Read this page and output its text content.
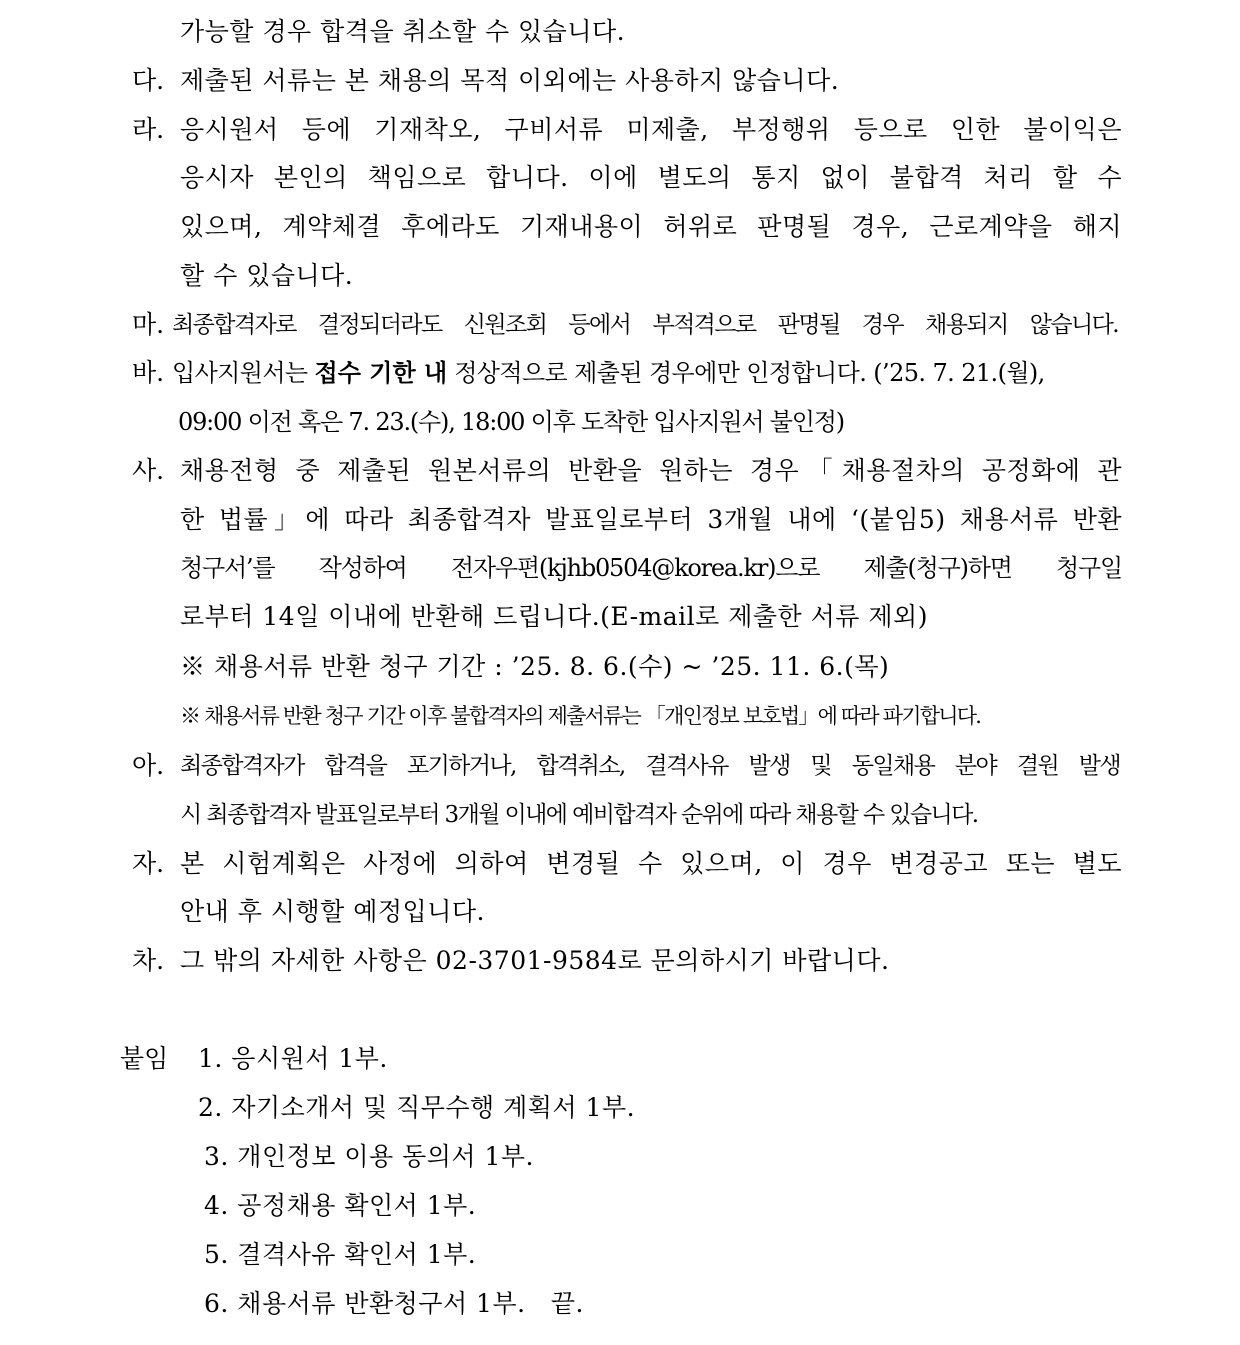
가능할 경우 합격을 취소할 수 있습니다.
다. 제출된 서류는 본 채용의 목적 이외에는 사용하지 않습니다.
라. 응시원서 등에 기재착오, 구비서류 미제출, 부정행위 등으로 인한 불이익은
응시자 본인의 책임으로 합니다. 이에 별도의 통지 없이 불합격 처리 할 수
있으며, 계약체결 후에라도 기재내용이 허위로 판명될 경우, 근로계약을 해지
할 수 있습니다.
마. 최종합격자로 결정되더라도 신원조회 등에서 부적격으로 판명될 경우 채용되지 않습니다.
바. 입사지원서는 접수 기한 내 정상적으로 제출된 경우에만 인정합니다. (’25. 7. 21.(월),
09:00 이전 혹은 7. 23.(수), 18:00 이후 도착한 입사지원서 불인정)
사. 채용전형 중 제출된 원본서류의 반환을 원하는 경우「채용절차의 공정화에 관
한 법률」에 따라 최종합격자 발표일로부터 3개월 내에 ‘(붙임5) 채용서류 반환
청구서’를 작성하여 전자우편(kjhb0504@korea.kr)으로 제출(청구)하면 청구일
로부터 14일 이내에 반환해 드립니다.(E-mail로 제출한 서류 제외)
※ 채용서류 반환 청구 기간 : ’25. 8. 6.(수) ~ ’25. 11. 6.(목)
※ 채용서류 반환 청구 기간 이후 불합격자의 제출서류는 「개인정보 보호법」에 따라 파기합니다.
아. 최종합격자가 합격을 포기하거나, 합격취소, 결격사유 발생 및 동일채용 분야 결원 발생
시 최종합격자 발표일로부터 3개월 이내에 예비합격자 순위에 따라 채용할 수 있습니다.
자. 본 시험계획은 사정에 의하여 변경될 수 있으며, 이 경우 변경공고 또는 별도
안내 후 시행할 예정입니다.
차. 그 밖의 자세한 사항은 02-3701-9584로 문의하시기 바랍니다.
붙임 1. 응시원서 1부.
2. 자기소개서 및 직무수행 계획서 1부.
3. 개인정보 이용 동의서 1부.
4. 공정채용 확인서 1부.
5. 결격사유 확인서 1부.
6. 채용서류 반환청구서 1부.   끝.
